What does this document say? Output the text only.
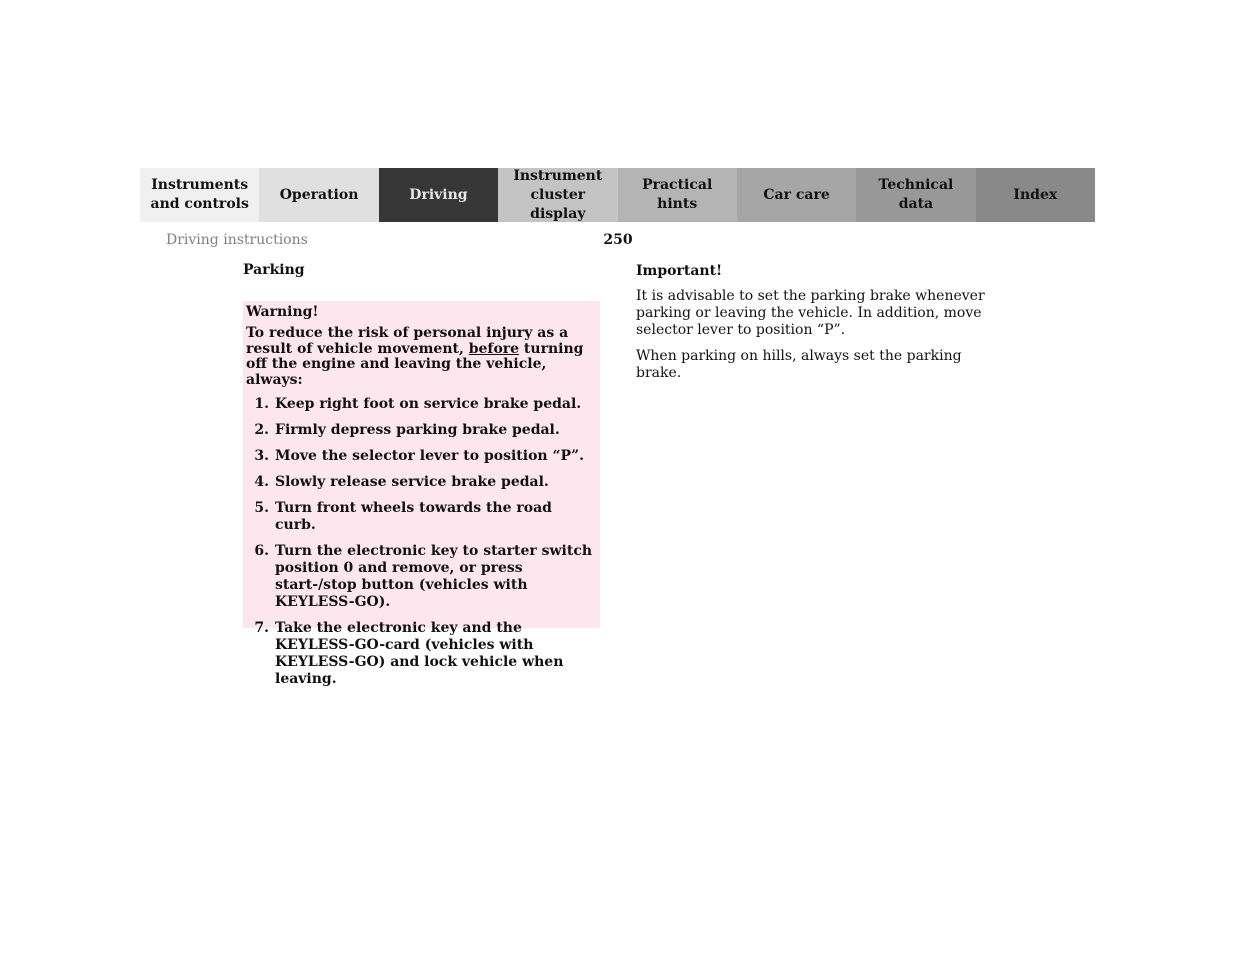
Instruments
and controls
Operation	Driving
Instrument
cluster display
Practical hints
Car care
Technical
data
Index
Driving instructions	250
Parking
Warning!
To reduce the risk of personal injury as a result of vehicle movement, before turning off the engine and leaving the vehicle, always:
1. Keep right foot on service brake pedal.
2. Firmly depress parking brake pedal.
3. Move the selector lever to position “P”.
4. Slowly release service brake pedal.
5. Turn front wheels towards the road curb.
6. Turn the electronic key to starter switch position 0 and remove, or press start-/stop button (vehicles with KEYLESS-GO).
7. Take the electronic key and the KEYLESS-GO-card (vehicles with KEYLESS-GO) and lock vehicle when leaving.
Important!

It is advisable to set the parking brake whenever parking or leaving the vehicle. In addition, move selector lever to position “P”.

When parking on hills, always set the parking brake.
